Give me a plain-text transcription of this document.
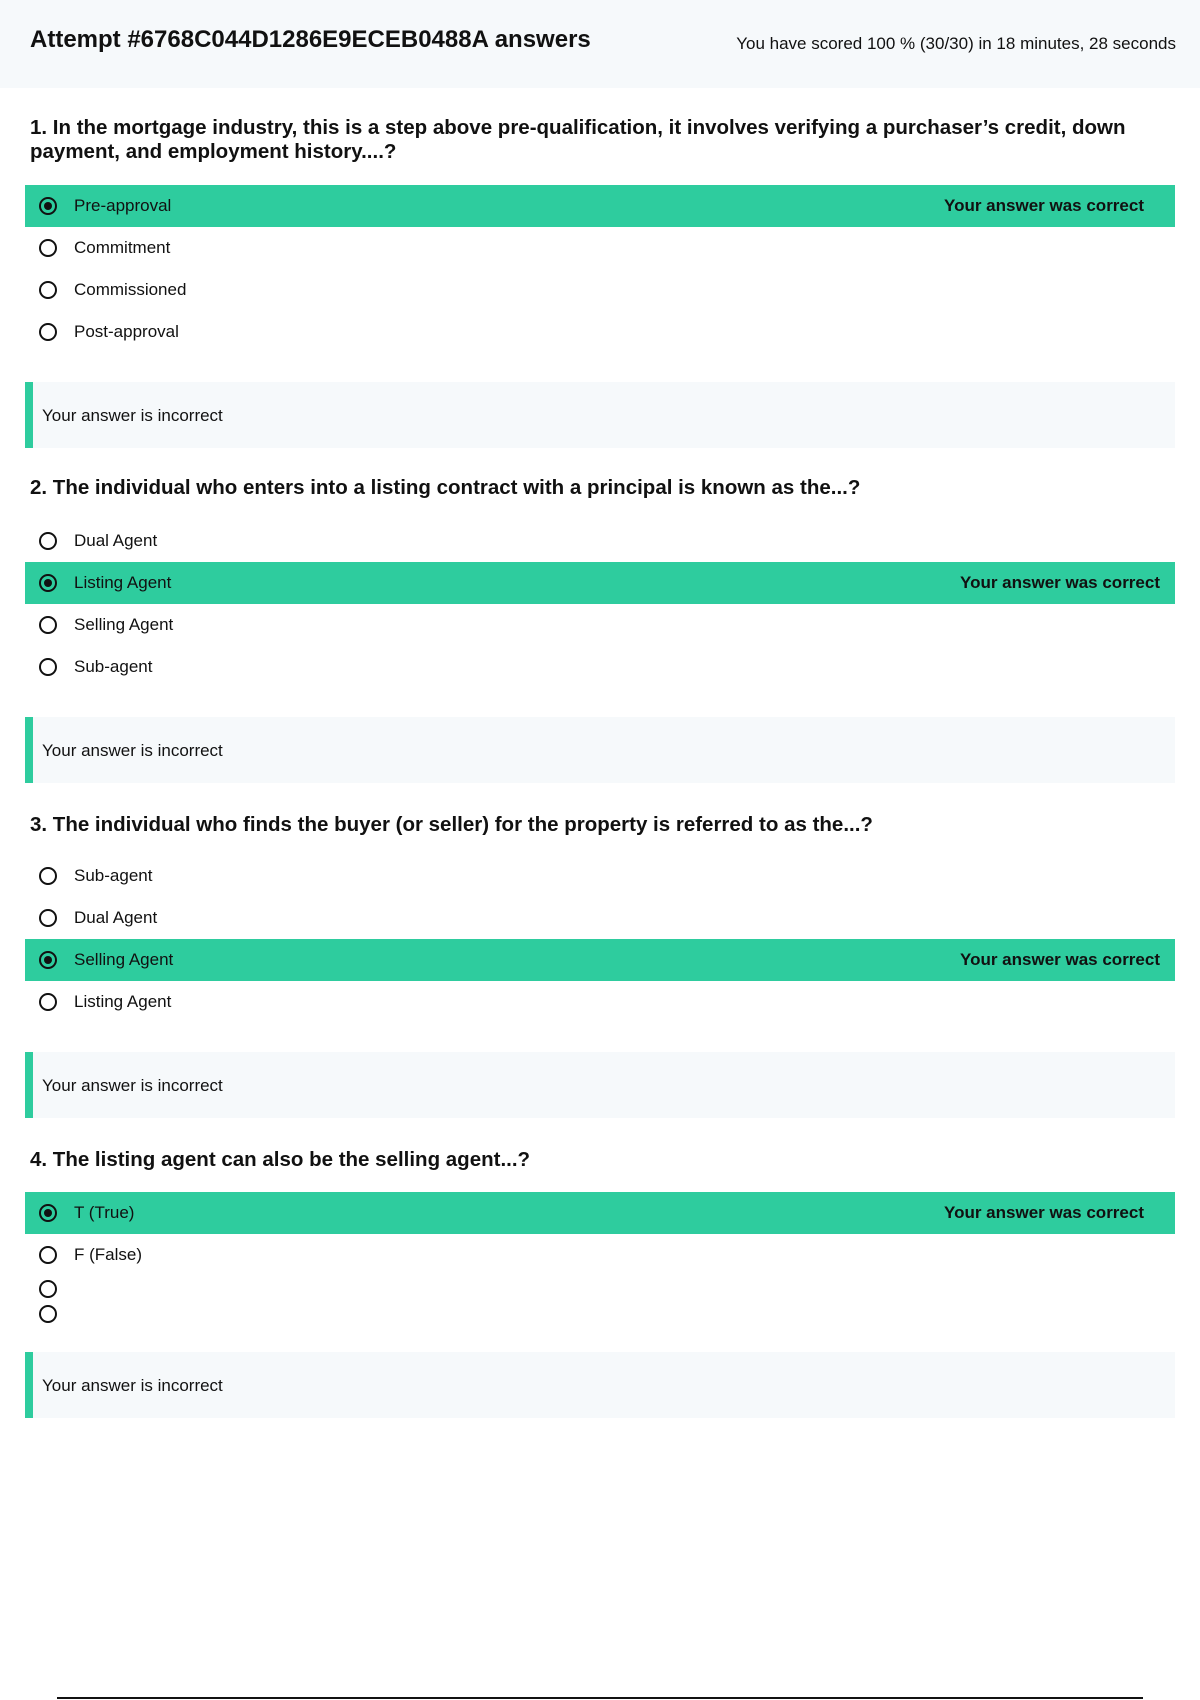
Attempt #6768C044D1286E9ECEB0488A answers	You have scored 100 % (30/30) in 18 minutes, 28 seconds
1. In the mortgage industry, this is a step above pre-qualification, it involves verifying a purchaser’s credit, down payment, and employment history....?
Pre-approval	Your answer was correct
Commitment
Commissioned
Post-approval
Your answer is incorrect
2. The individual who enters into a listing contract with a principal is known as the...?
Dual Agent
Listing Agent	Your answer was correct
Selling Agent
Sub-agent
Your answer is incorrect
3. The individual who finds the buyer (or seller) for the property is referred to as the...?
Sub-agent
Dual Agent
Selling Agent	Your answer was correct
Listing Agent
Your answer is incorrect
4. The listing agent can also be the selling agent...?
T (True)	Your answer was correct
F (False)
Your answer is incorrect
